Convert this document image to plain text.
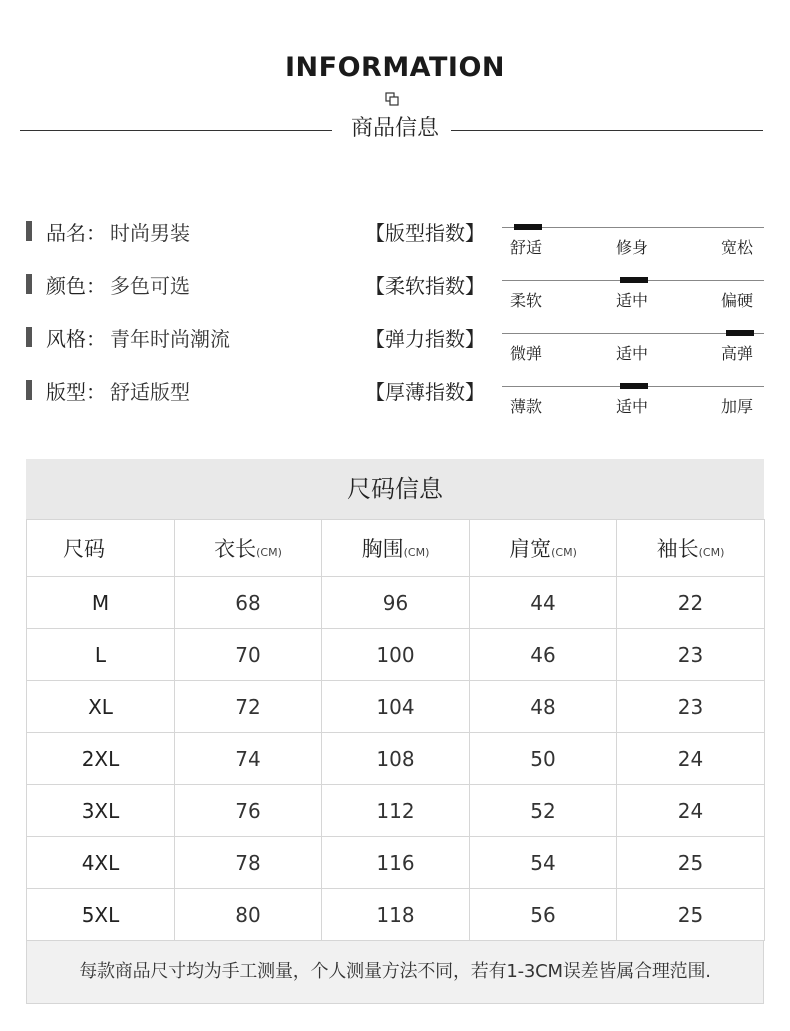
INFORMATION
商品信息
品名： 时尚男装
颜色： 多色可选
风格： 青年时尚潮流
版型： 舒适版型
【版型指数】
【柔软指数】
【弹力指数】
【厚薄指数】
舒适	修身	宽松
柔软	适中	偏硬
微弹	适中	高弹
薄款	适中	加厚
尺码信息
尺码	衣长(CM)	胸围(CM)	肩宽(CM)	袖长(CM)
M	68	96	44	22
L	70	100	46	23
XL	72	104	48	23
2XL	74	108	50	24
3XL	76	112	52	24
4XL	78	116	54	25
5XL	80	118	56	25
每款商品尺寸均为手工测量，个人测量方法不同，若有1-3CM误差皆属合理范围.
